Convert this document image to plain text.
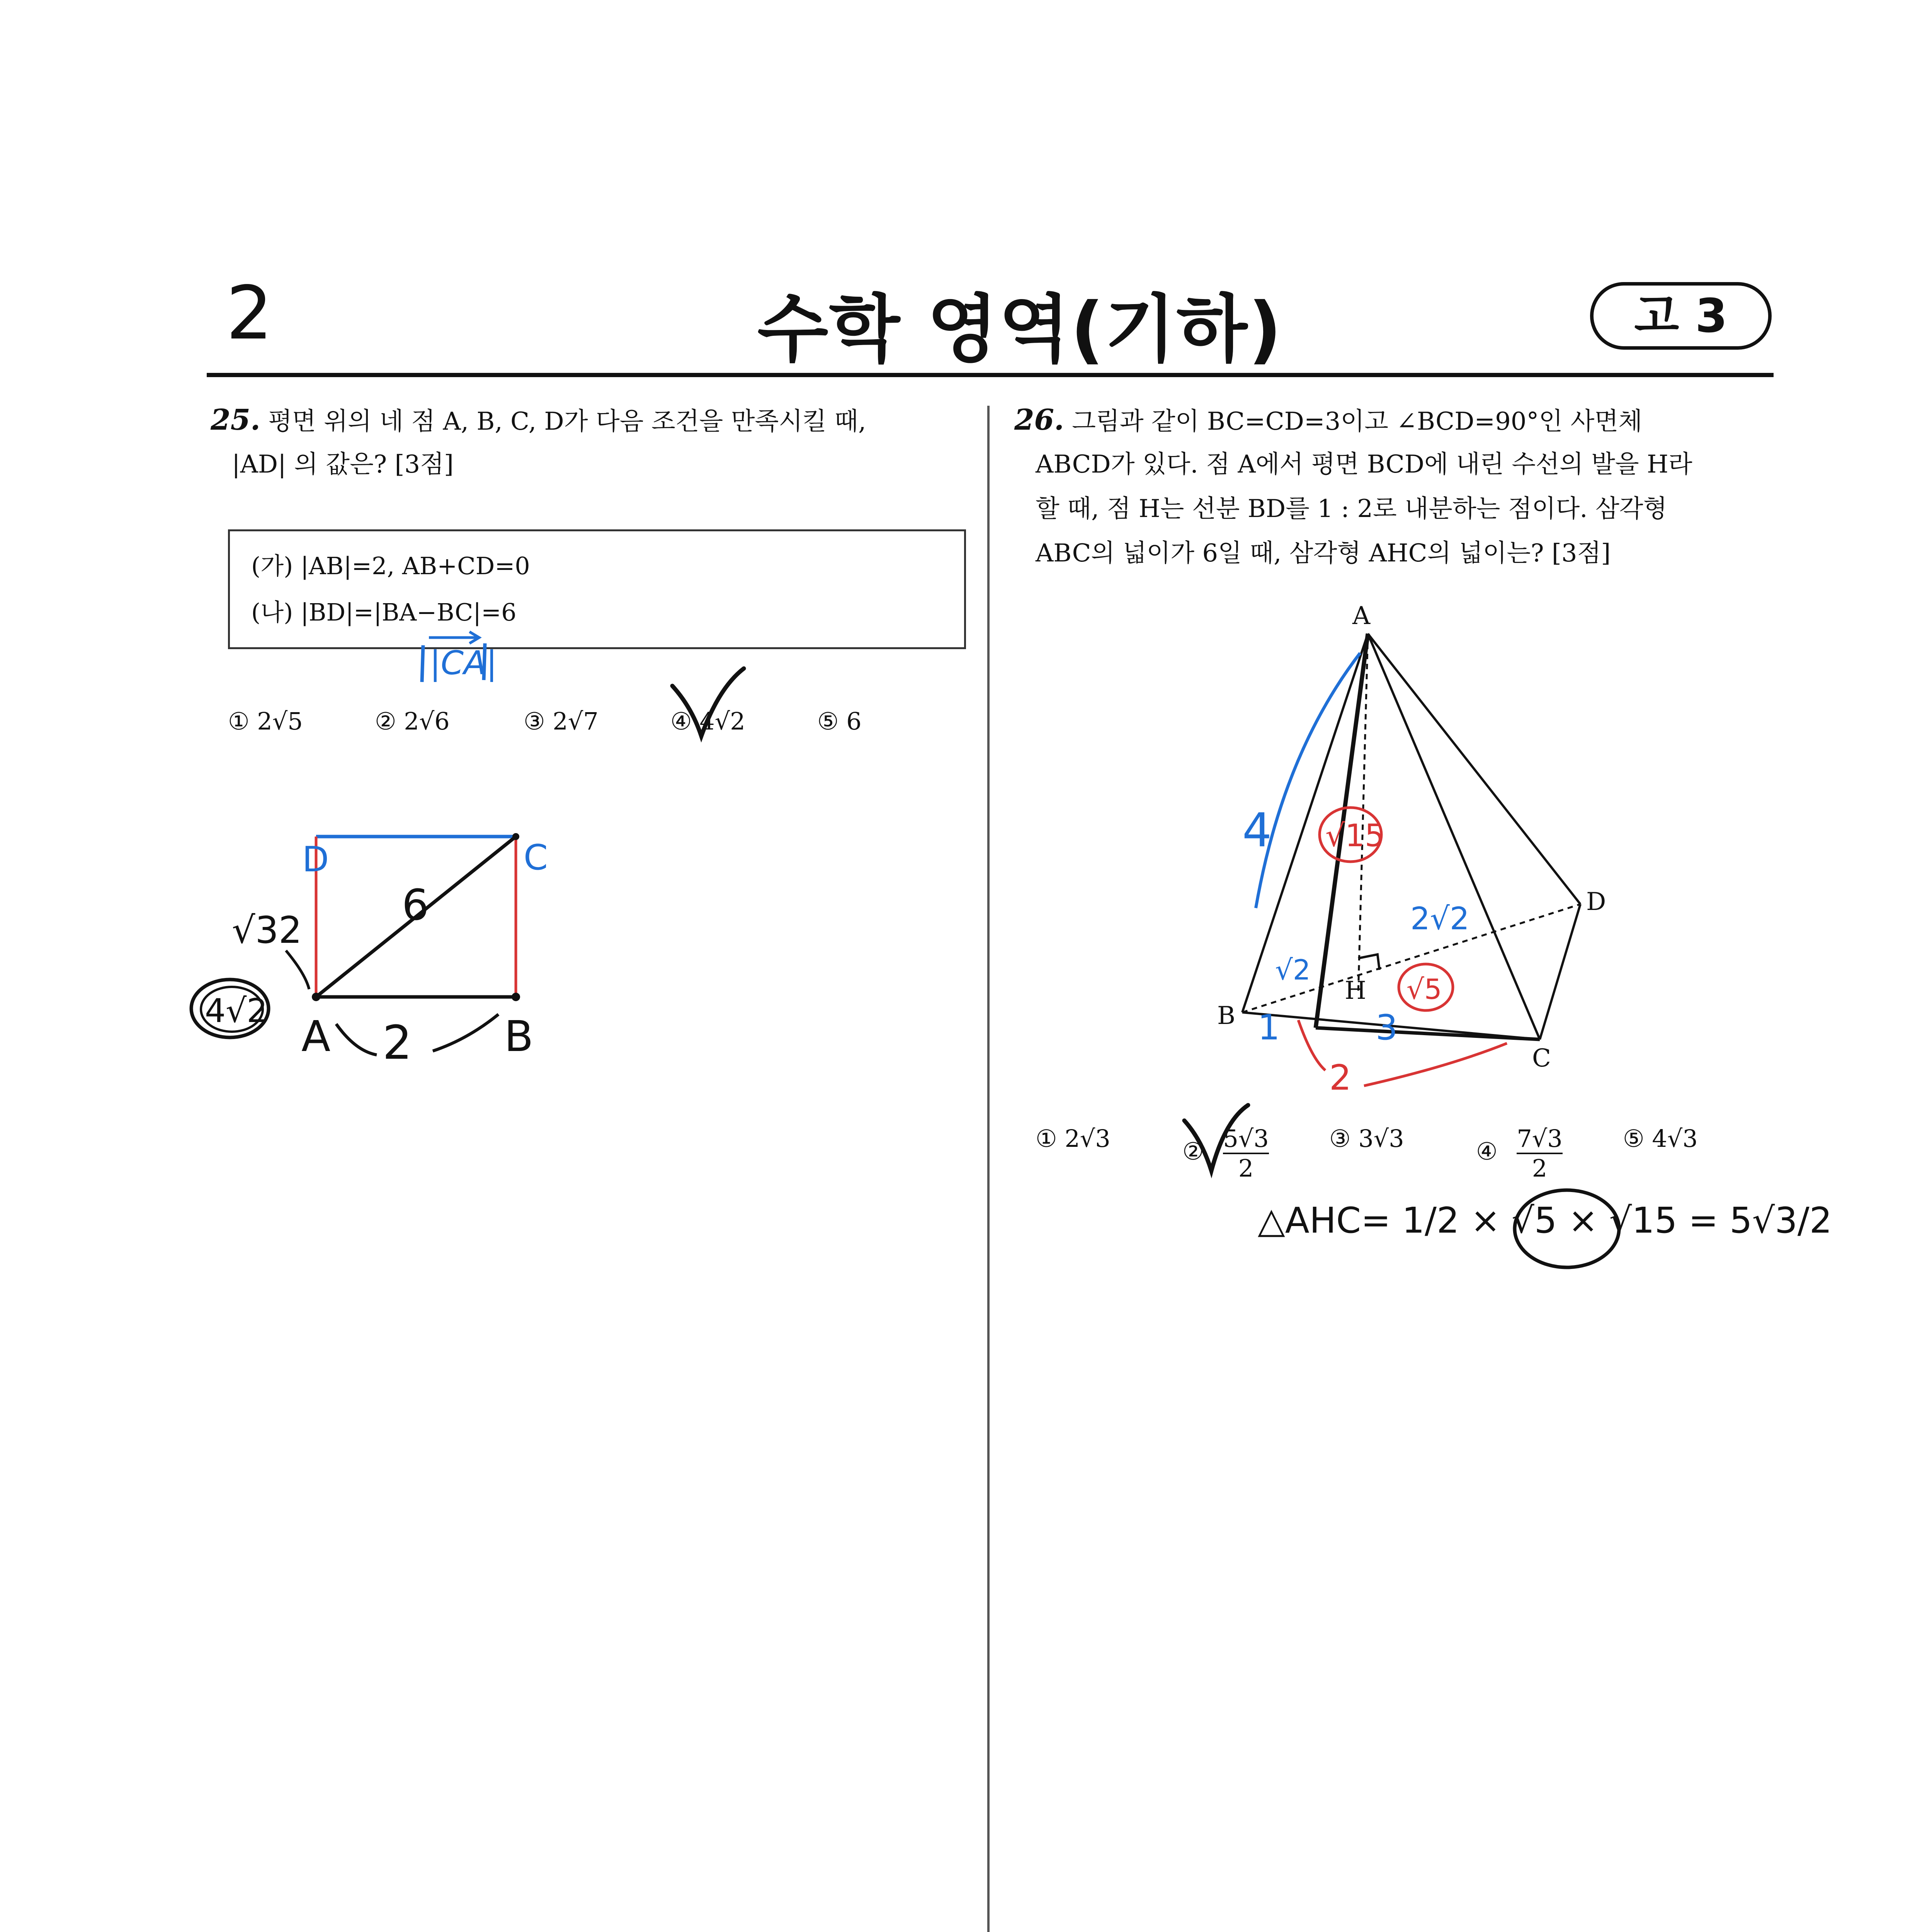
2	수학 영역(기하)	고 3
25. 평면 위의 네 점 A, B, C, D가 다음 조건을 만족시킬 때,
|AD| 의 값은? [3점]
(가) |AB|=2, AB+CD=0
(나) |BD|=|BA−BC|=6
① 2√5	② 2√6	③ 2√7	④ 4√2	⑤ 6
26. 그림과 같이 BC=CD=3이고 ∠BCD=90°인 사면체
ABCD가 있다. 점 A에서 평면 BCD에 내린 수선의 발을 H라
할 때, 점 H는 선분 BD를 1 : 2로 내분하는 점이다. 삼각형
ABC의 넓이가 6일 때, 삼각형 AHC의 넓이는? [3점]
① 2√3	② $\frac{5√3}{2}$	③ 3√3	④ $\frac{7√3}{2}$	⑤ 4√3
|CA|
D	C
A	B
6
2
√32
4√2
A
B
C
D
H
4 √15
2√2
√2
1	3
√5
2
△AHC= 1/2 × √5 × √15 = 5√3/2
